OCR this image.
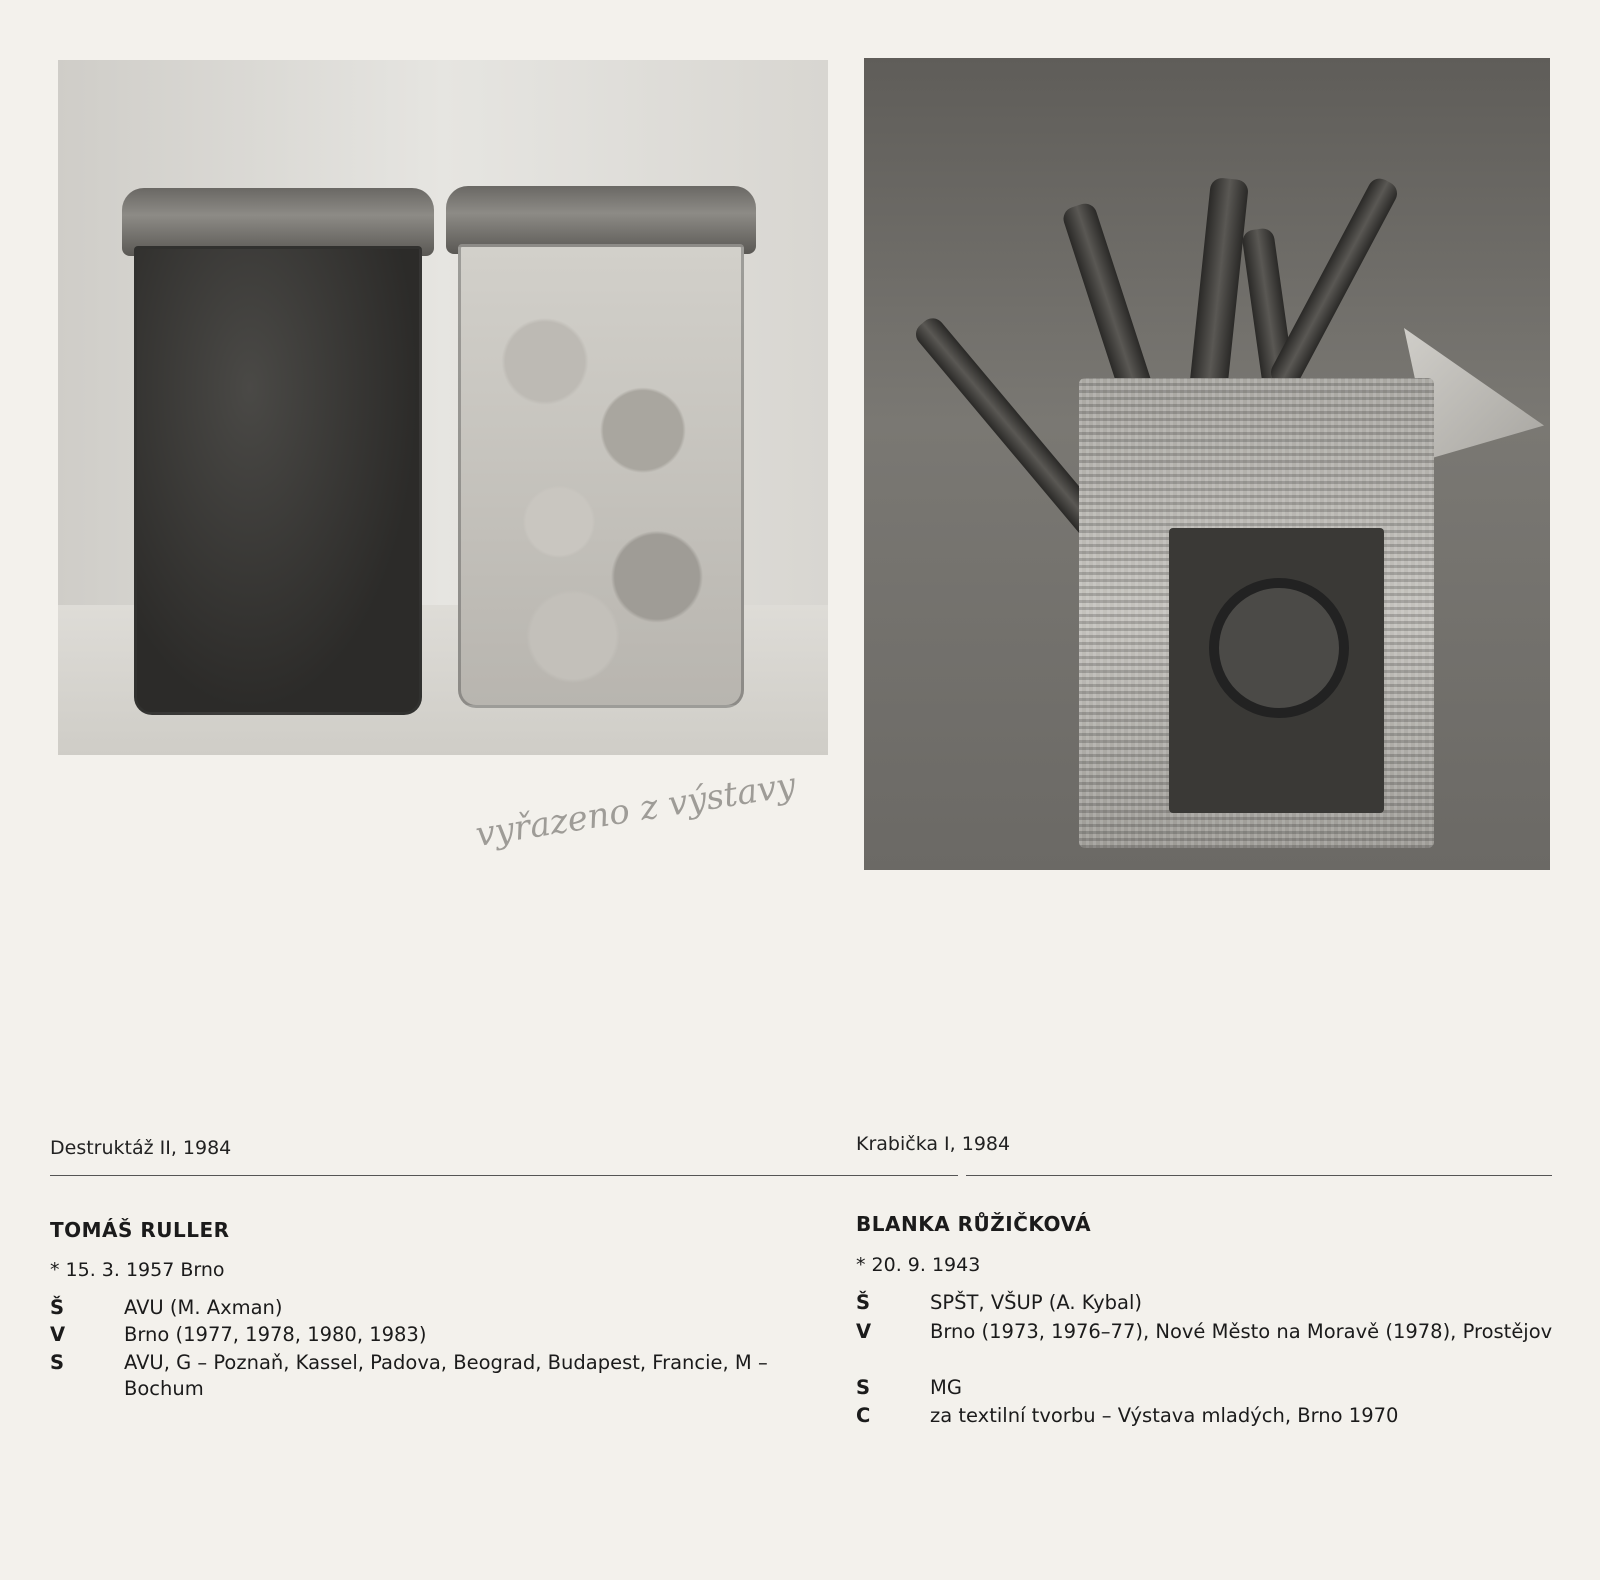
vyřazeno z výstavy
Destruktáž II, 1984	Krabička I, 1984
TOMÁŠ RULLER
* 15. 3. 1957 Brno
Š	AVU (M. Axman)
V	Brno (1977, 1978, 1980, 1983)
S	AVU, G – Poznaň, Kassel, Padova, Beograd, Budapest, Francie, M – Bochum
BLANKA RŮŽIČKOVÁ
* 20. 9. 1943
Š	SPŠT, VŠUP (A. Kybal)
V	Brno (1973, 1976–77), Nové Město na Moravě (1978), Prostějov
S	MG
C	za textilní tvorbu – Výstava mladých, Brno 1970
